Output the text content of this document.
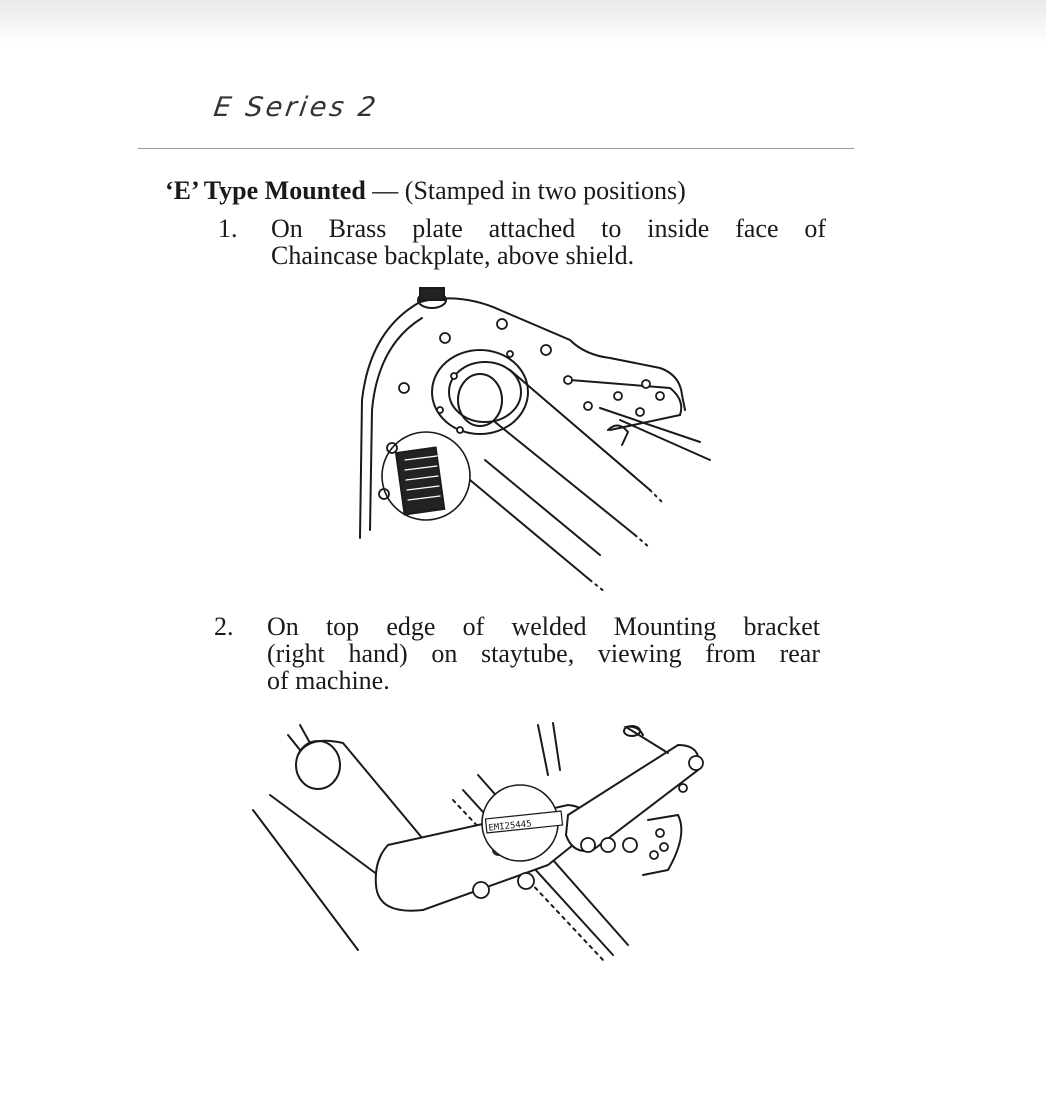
E Series 2
‘E’ Type Mounted — (Stamped in two positions)
1. On Brass plate attached to inside face of
Chaincase backplate, above shield.
2. On top edge of welded Mounting bracket
(right hand) on staytube, viewing from rear
of machine.
EMI25445
